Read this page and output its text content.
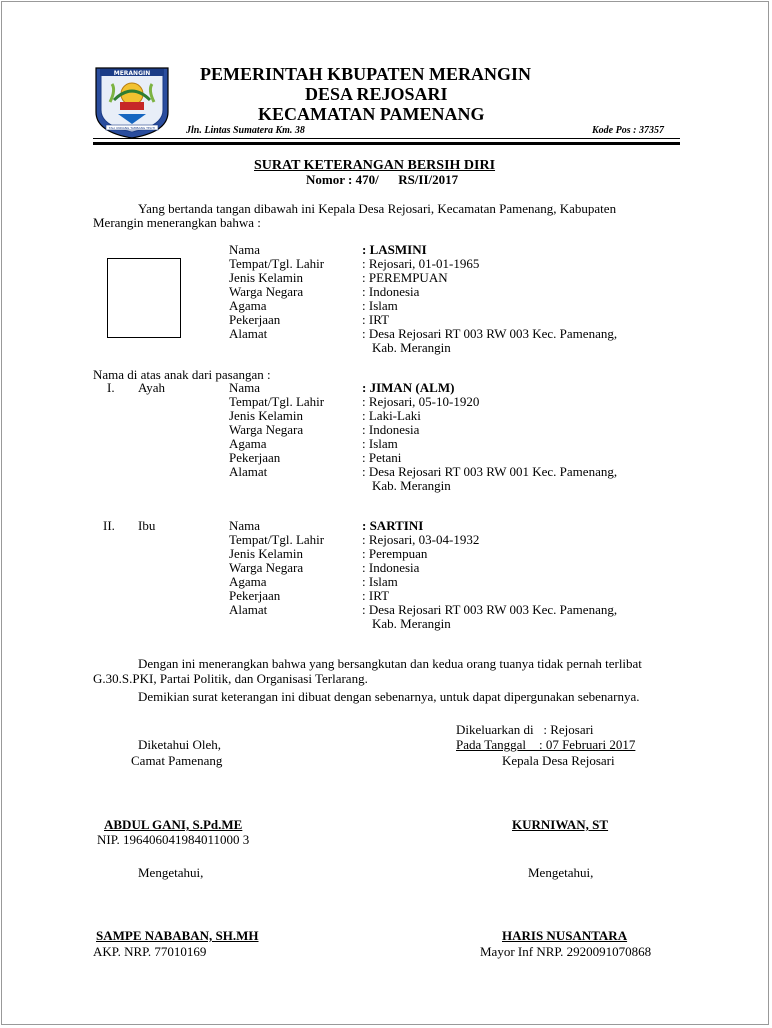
MERANGIN
TALI UNDANG TAMBANG TELITI
PEMERINTAH KBUPATEN MERANGIN
DESA REJOSARI
KECAMATAN PAMENANG
Jln. Lintas Sumatera Km. 38	Kode Pos : 37357
SURAT KETERANGAN BERSIH DIRI
Nomor : 470/      RS/II/2017
Yang bertanda tangan dibawah ini Kepala Desa Rejosari, Kecamatan Pamenang, Kabupaten
Merangin menerangkan bahwa :
Nama	: LASMINI
Tempat/Tgl. Lahir	: Rejosari, 01-01-1965
Jenis Kelamin	: PEREMPUAN
Warga Negara	: Indonesia
Agama	: Islam
Pekerjaan	: IRT
Alamat	: Desa Rejosari RT 003 RW 003 Kec. Pamenang,
Kab. Merangin
Nama di atas anak dari pasangan :
I. Ayah	Nama	: JIMAN (ALM)
Tempat/Tgl. Lahir	: Rejosari, 05-10-1920
Jenis Kelamin	: Laki-Laki
Warga Negara	: Indonesia
Agama	: Islam
Pekerjaan	: Petani
Alamat	: Desa Rejosari RT 003 RW 001 Kec. Pamenang,
Kab. Merangin
II. Ibu	Nama	: SARTINI
Tempat/Tgl. Lahir	: Rejosari, 03-04-1932
Jenis Kelamin	: Perempuan
Warga Negara	: Indonesia
Agama	: Islam
Pekerjaan	: IRT
Alamat	: Desa Rejosari RT 003 RW 003 Kec. Pamenang,
Kab. Merangin
Dengan ini menerangkan bahwa yang bersangkutan dan kedua orang tuanya tidak pernah terlibat
G.30.S.PKI, Partai Politik, dan Organisasi Terlarang.
Demikian surat keterangan ini dibuat dengan sebenarnya, untuk dapat dipergunakan sebenarnya.
Dikeluarkan di   : Rejosari
Pada Tanggal    : 07 Februari 2017
Diketahui Oleh,
Camat Pamenang	Kepala Desa Rejosari
ABDUL GANI, S.Pd.ME
NIP. 196406041984011000 3
KURNIWAN, ST
Mengetahui,	Mengetahui,
SAMPE NABABAN, SH.MH
AKP. NRP. 77010169
HARIS NUSANTARA
Mayor Inf NRP. 2920091070868
